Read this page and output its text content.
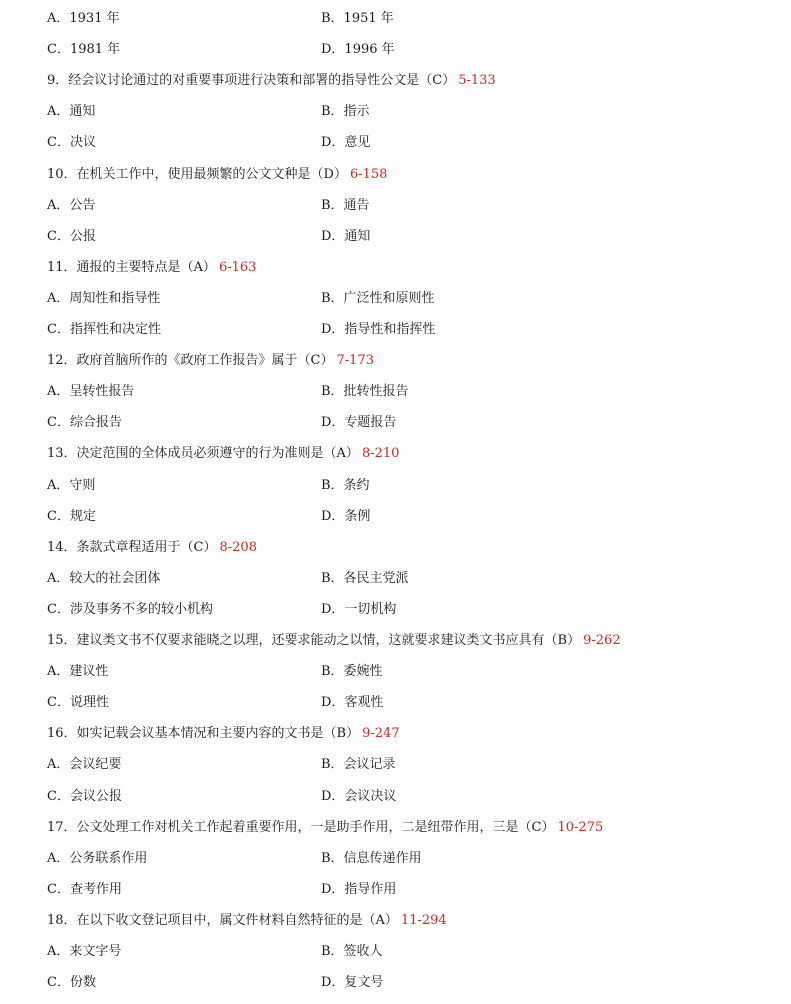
A．1931 年	B．1951 年
C．1981 年	D．1996 年
9．经会议讨论通过的对重要事项进行决策和部署的指导性公文是（C） 5-133
A．通知	B．指示
C．决议	D．意见
10．在机关工作中，使用最频繁的公文文种是（D） 6-158
A．公告	B．通告
C．公报	D．通知
11．通报的主要特点是（A） 6-163
A．周知性和指导性	B．广泛性和原则性
C．指挥性和决定性	D．指导性和指挥性
12．政府首脑所作的《政府工作报告》属于（C） 7-173
A．呈转性报告	B．批转性报告
C．综合报告	D．专题报告
13．决定范围的全体成员必须遵守的行为准则是（A） 8-210
A．守则	B．条约
C．规定	D．条例
14．条款式章程适用于（C） 8-208
A．较大的社会团体	B．各民主党派
C．涉及事务不多的较小机构	D．一切机构
15．建议类文书不仅要求能晓之以理，还要求能动之以情，这就要求建议类文书应具有（B） 9-262
A．建议性	B．委婉性
C．说理性	D．客观性
16．如实记载会议基本情况和主要内容的文书是（B） 9-247
A．会议纪要	B．会议记录
C．会议公报	D．会议决议
17．公文处理工作对机关工作起着重要作用，一是助手作用，二是纽带作用，三是（C） 10-275
A．公务联系作用	B．信息传递作用
C．查考作用	D．指导作用
18．在以下收文登记项目中，属文件材料自然特征的是（A） 11-294
A．来文字号	B．签收人
C．份数	D．复文号
